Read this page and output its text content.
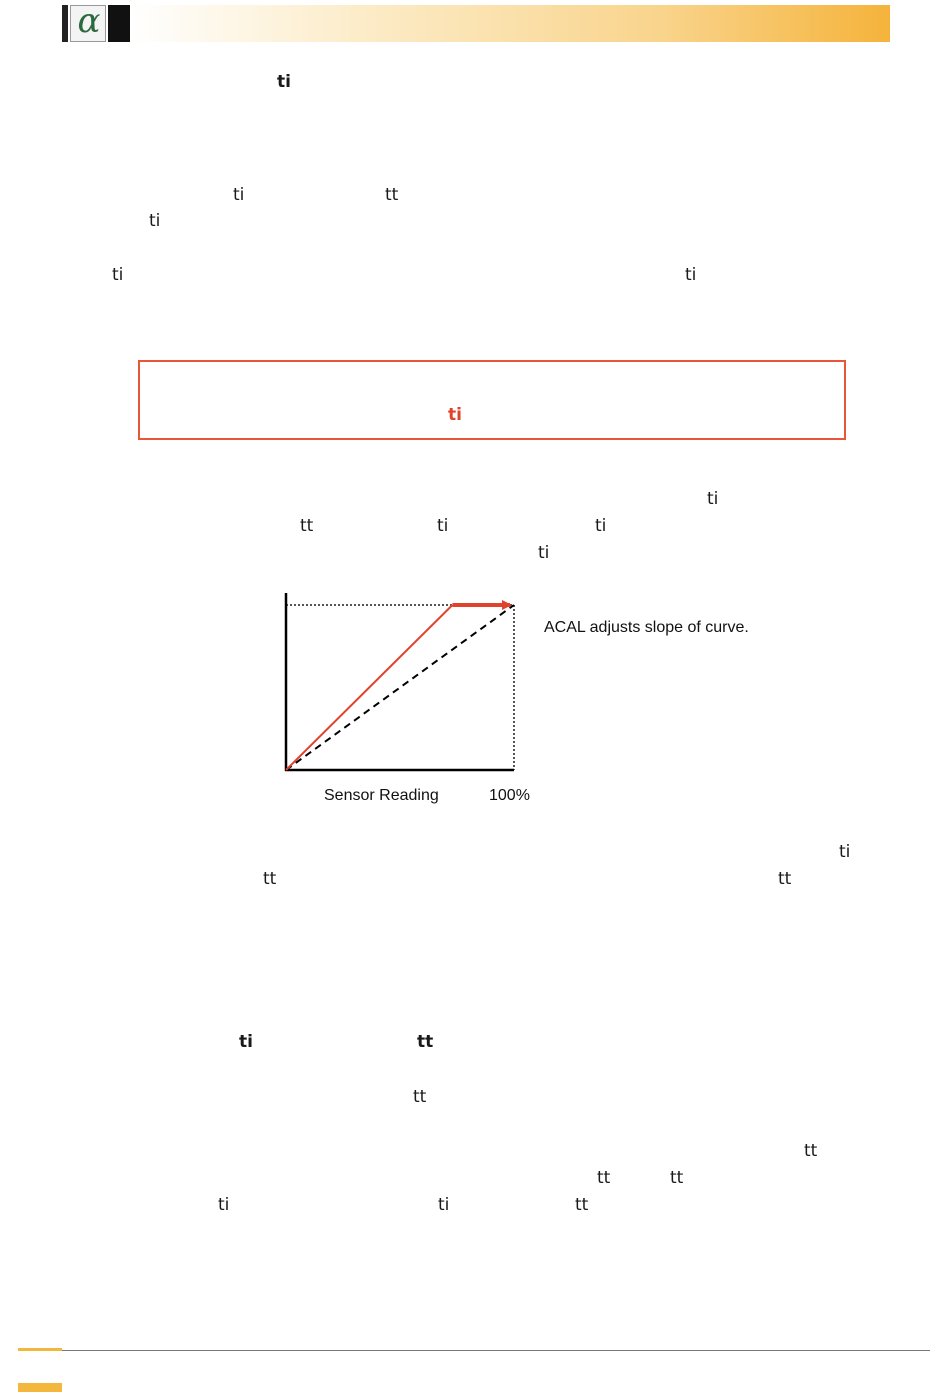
α
ti
ti	tt
ti
ti	ti
ti
ti
tt	ti	ti
ti
ACAL adjusts slope of curve.
Sensor Reading	100%
ti
tt	tt
ti	tt
tt
tt
tt	tt
ti	ti	tt
